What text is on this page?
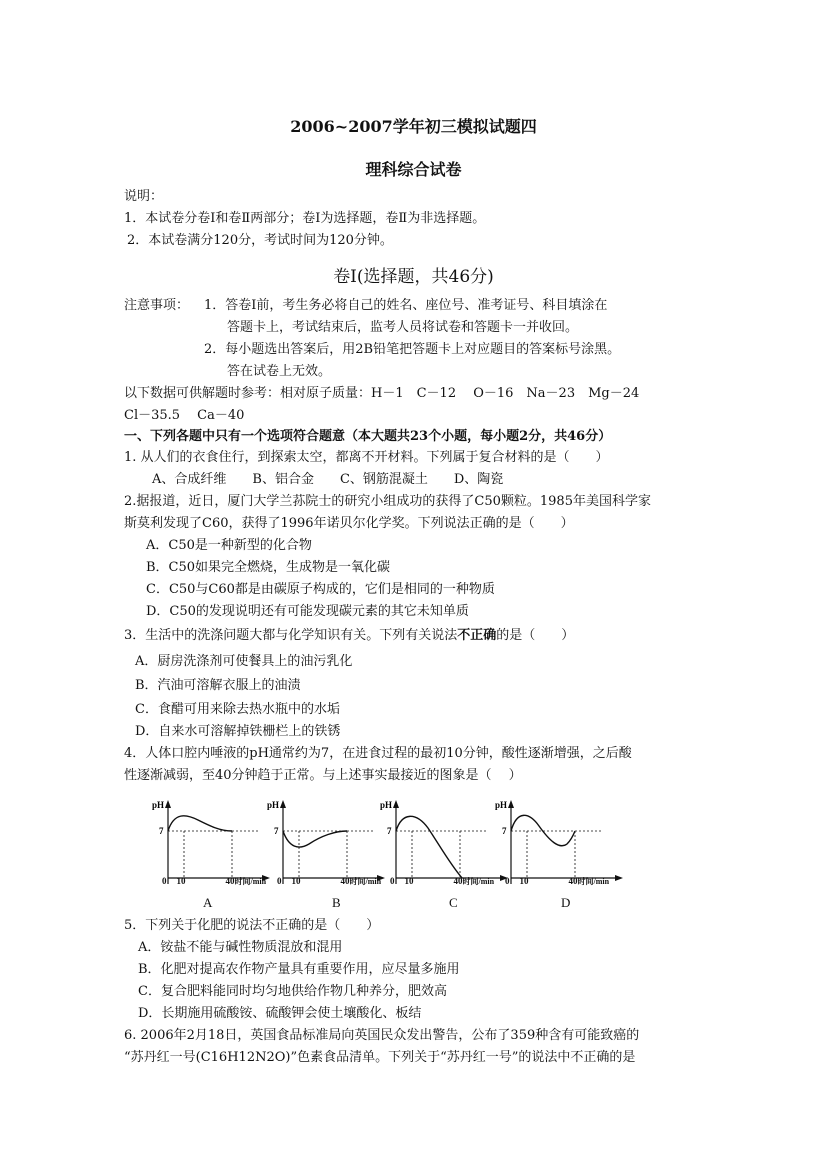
2006~2007学年初三模拟试题四
理科综合试卷
说明：
1．本试卷分卷Ⅰ和卷Ⅱ两部分；卷Ⅰ为选择题，卷Ⅱ为非选择题。
2．本试卷满分120分，考试时间为120分钟。
卷Ⅰ(选择题，共46分)
注意事项： 1．答卷Ⅰ前，考生务必将自己的姓名、座位号、准考证号、科目填涂在
答题卡上，考试结束后，监考人员将试卷和答题卡一并收回。
2．每小题选出答案后，用2B铅笔把答题卡上对应题目的答案标号涂黑。
答在试卷上无效。
以下数据可供解题时参考：相对原子质量：H－1　C－12　 O－16　Na－23　Mg－24
Cl－35.5　 Ca－40
一、下列各题中只有一个选项符合题意（本大题共23个小题，每小题2分，共46分）
1. 从人们的衣食住行，到探索太空，都离不开材料。下列属于复合材料的是（　　）
A、合成纤维　　B、铝合金　　C、钢筋混凝土　　D、陶瓷
2.据报道，近日，厦门大学兰荪院士的研究小组成功的获得了C50颗粒。1985年美国科学家
斯莫利发现了C60，获得了1996年诺贝尔化学奖。下列说法正确的是（　　）
A．C50是一种新型的化合物
B．C50如果完全燃烧，生成物是一氧化碳
C．C50与C60都是由碳原子构成的，它们是相同的一种物质
D．C50的发现说明还有可能发现碳元素的其它未知单质
3．生活中的洗涤问题大都与化学知识有关。下列有关说法不正确的是（　　）
A．厨房洗涤剂可使餐具上的油污乳化
B．汽油可溶解衣服上的油渍
C．食醋可用来除去热水瓶中的水垢
D．自来水可溶解掉铁栅栏上的铁锈
4．人体口腔内唾液的pH通常约为7，在进食过程的最初10分钟，酸性逐渐增强，之后酸
性逐渐减弱，至40分钟趋于正常。与上述事实最接近的图象是（　 ）
pH
7
pH
7
pH
7
pH
7
0 10	40时间/min 0 10	40时间/min 0 10	40时间/min 0 10	40时间/min
A	B	C	D
5．下列关于化肥的说法不正确的是（　　）
A．铵盐不能与碱性物质混放和混用
B．化肥对提高农作物产量具有重要作用，应尽量多施用
C．复合肥料能同时均匀地供给作物几种养分，肥效高
D．长期施用硫酸铵、硫酸钾会使土壤酸化、板结
6. 2006年2月18日，英国食品标准局向英国民众发出警告，公布了359种含有可能致癌的
“苏丹红一号(C16H12N2O)”色素食品清单。下列关于“苏丹红一号”的说法中不正确的是
